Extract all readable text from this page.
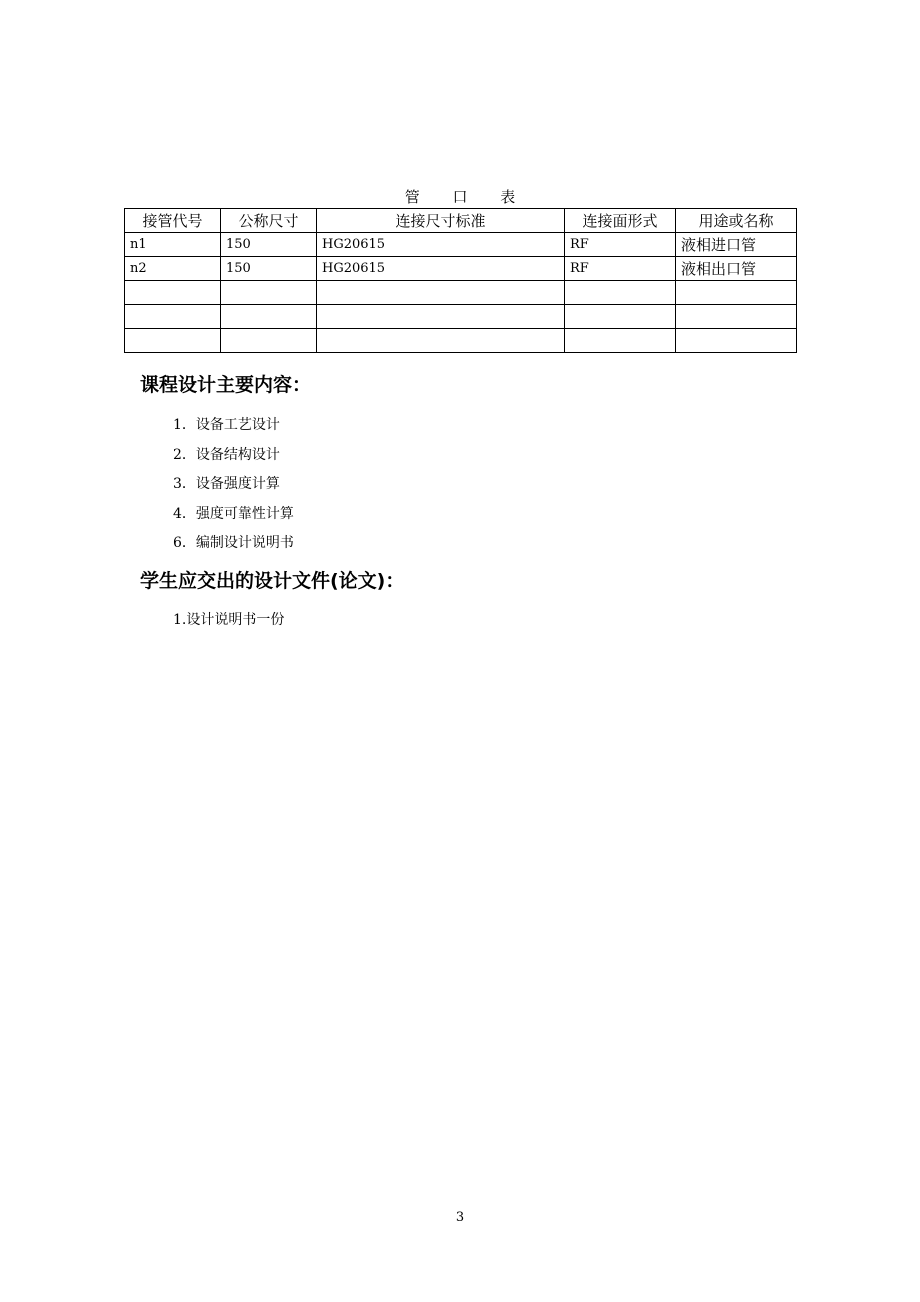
管 口 表
接管代号	公称尺寸	连接尺寸标准	连接面形式	用途或名称
n1	150	HG20615	RF	液相进口管
n2	150	HG20615	RF	液相出口管

课程设计主要内容：
1．设备工艺设计
2．设备结构设计
3．设备强度计算
4．强度可靠性计算
6．编制设计说明书
学生应交出的设计文件(论文)：
1.设计说明书一份
3
